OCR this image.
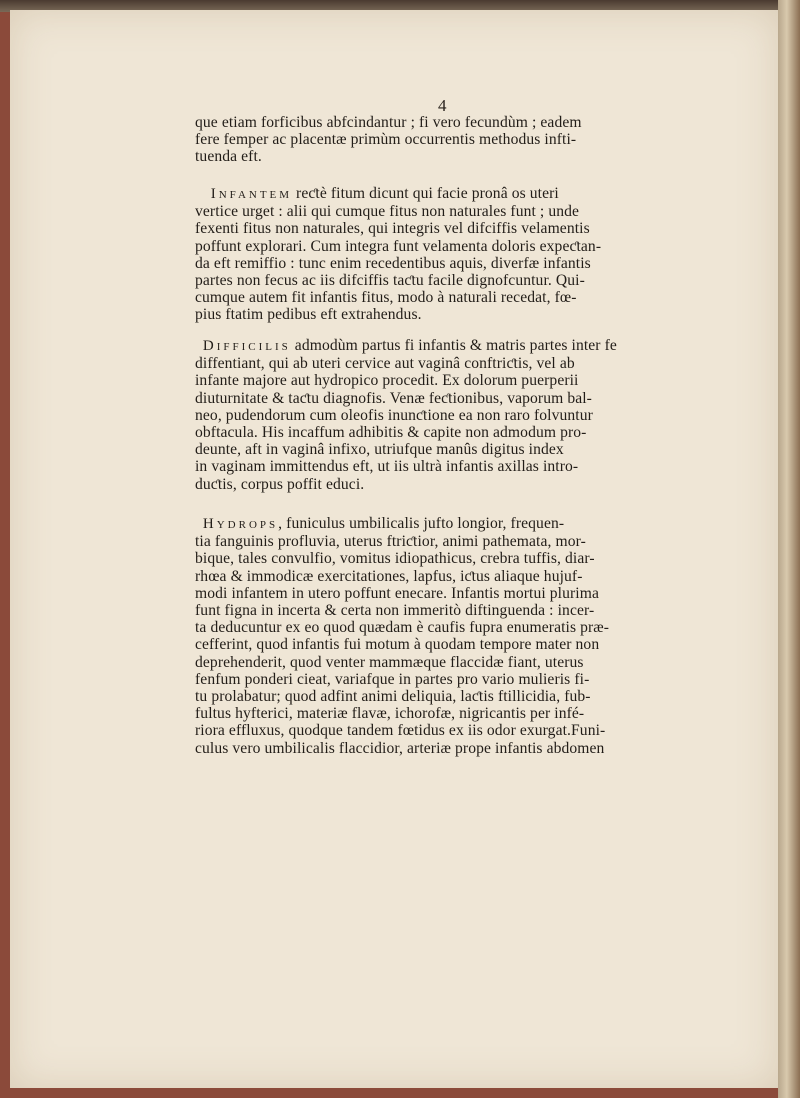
4
que etiam forficibus abfcindantur ; fi vero fecundùm ; eadem
fere femper ac placentæ primùm occurrentis methodus infti-
tuenda eft.
 Infantem reƈtè fitum dicunt qui facie pronâ os uteri
vertice urget : alii qui cumque fitus non naturales funt ; unde
fexenti fitus non naturales, qui integris vel difciffis velamentis
poffunt explorari. Cum integra funt velamenta doloris expeƈtan-
da eft remiffio : tunc enim recedentibus aquis, diverfæ infantis
partes non fecus ac iis difciffis taƈtu facile dignofcuntur. Qui-
cumque autem fit infantis fitus, modo à naturali recedat, fœ-
pius ftatim pedibus eft extrahendus.
 Difficilis admodùm partus fi infantis & matris partes inter fe
diffentiant, qui ab uteri cervice aut vaginâ conftriƈtis, vel ab
infante majore aut hydropico procedit. Ex dolorum puerperii
diuturnitate & taƈtu diagnofis. Venæ feƈtionibus, vaporum bal-
neo, pudendorum cum oleofis inunƈtione ea non raro folvuntur
obftacula. His incaffum adhibitis & capite non admodum pro-
deunte, aft in vaginâ infixo, utriufque manûs digitus index
in vaginam immittendus eft, ut iis ultrà infantis axillas intro-
duƈtis, corpus poffit educi.
 Hydrops, funiculus umbilicalis jufto longior, frequen-
tia fanguinis profluvia, uterus ftriƈtior, animi pathemata, mor-
bique, tales convulfio, vomitus idiopathicus, crebra tuffis, diar-
rhœa & immodicæ exercitationes, lapfus, iƈtus aliaque hujuf-
modi infantem in utero poffunt enecare. Infantis mortui plurima
funt figna in incerta & certa non immeritò diftinguenda : incer-
ta deducuntur ex eo quod quædam è caufis fupra enumeratis præ-
cefferint, quod infantis fui motum à quodam tempore mater non
deprehenderit, quod venter mammæque flaccidæ fiant, uterus
fenfum ponderi cieat, variafque in partes pro vario mulieris fi-
tu prolabatur; quod adfint animi deliquia, laƈtis ftillicidia, fub-
fultus hyfterici, materiæ flavæ, ichorofæ, nigricantis per infé-
riora effluxus, quodque tandem fœtidus ex iis odor exurgat.Funi-
culus vero umbilicalis flaccidior, arteriæ prope infantis abdomen
